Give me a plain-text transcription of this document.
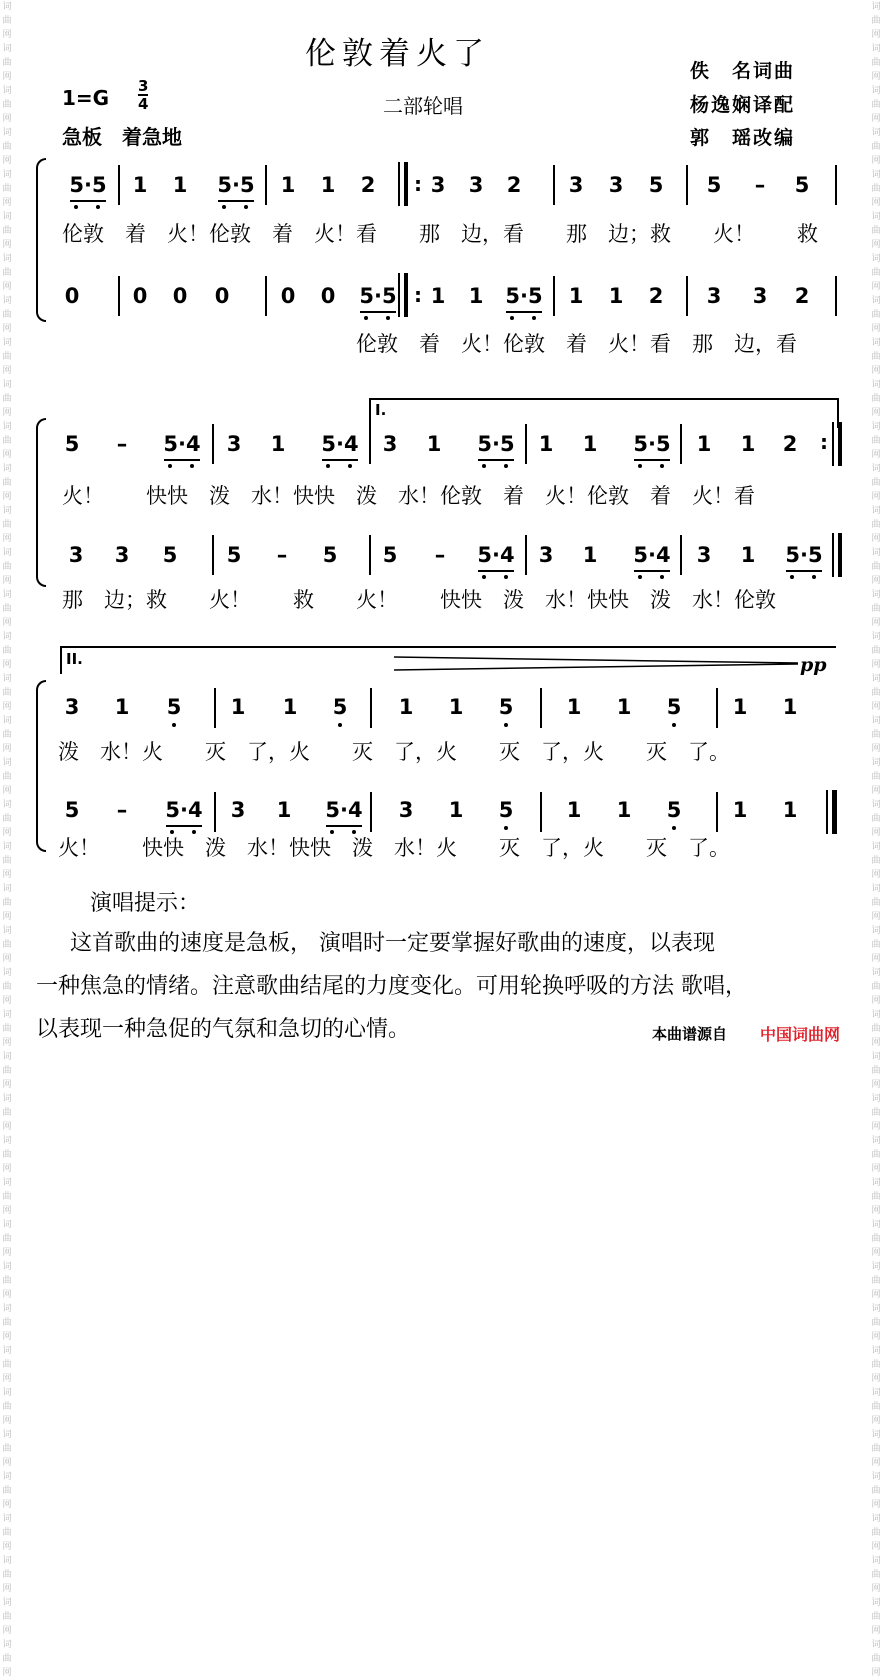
词曲网 词曲网 词曲网 词曲网 词曲网 词曲网 词曲网 词曲网 词曲网 词曲网 词曲网 词曲网 词曲网 词曲网 词曲网 词曲网 词曲网 词曲网 词曲网 词曲网 词曲网 词曲网 词曲网 词曲网 词曲网 词曲网 词曲网 词曲网 词曲网 词曲网 词曲网 词曲网 词曲网 词曲网 词曲网 词曲网 词曲网 词曲网 词曲网 词曲网
词曲网 词曲网 词曲网 词曲网 词曲网 词曲网 词曲网 词曲网 词曲网 词曲网 词曲网 词曲网 词曲网 词曲网 词曲网 词曲网 词曲网 词曲网 词曲网 词曲网 词曲网 词曲网 词曲网 词曲网 词曲网 词曲网 词曲网 词曲网 词曲网 词曲网 词曲网 词曲网 词曲网 词曲网 词曲网 词曲网 词曲网 词曲网 词曲网 词曲网
伦敦着火了
$1=G \frac{3}{4}$
急板　着急地
二部轮唱
佚　名词曲
杨逸娴译配
郭　瑶改编
:
:
5·5 1 1 5·5 1 1 2	3 3 2 3 3 5 5	–	5
伦敦　着　火！伦敦　着　火！看　　那　边，看　　那　边；救　　火！　　救
0	0 0 0 0 0 5·5 1 1 5·5 1 1 2 3 3 2
伦敦　着　火！伦敦　着　火！看　那　边，看
I.
:
5	–	5·4 3 1 5·4 3 1 5·5 1 1 5·5 1 1 2
火！　　快快　泼　水！快快　泼　水！伦敦　着　火！伦敦　着　火！看
3 3 5 5	–	5 5	–	5·4 3 1 5·4 3 1 5·5
那　边；救　　火！　　救　　火！　　快快　泼　水！快快　泼　水！伦敦
II.	pp
3 1 5 1 1 5 1 1 5	1 1 5 1 1
泼　水！火　　灭　了，火　　灭　了，火　　灭　了，火　　灭　了。
5	–	5·4 3 1 5·4 3 1 5	1 1 5 1 1
火！　　快快　泼　水！快快　泼　水！火　　灭　了，火　　灭　了。
演唱提示：
这首歌曲的速度是急板， 演唱时一定要掌握好歌曲的速度，以表现
一种焦急的情绪。注意歌曲结尾的力度变化。可用轮换呼吸的方法 歌唱，
以表现一种急促的气氛和急切的心情。	本曲谱源自 中国词曲网
